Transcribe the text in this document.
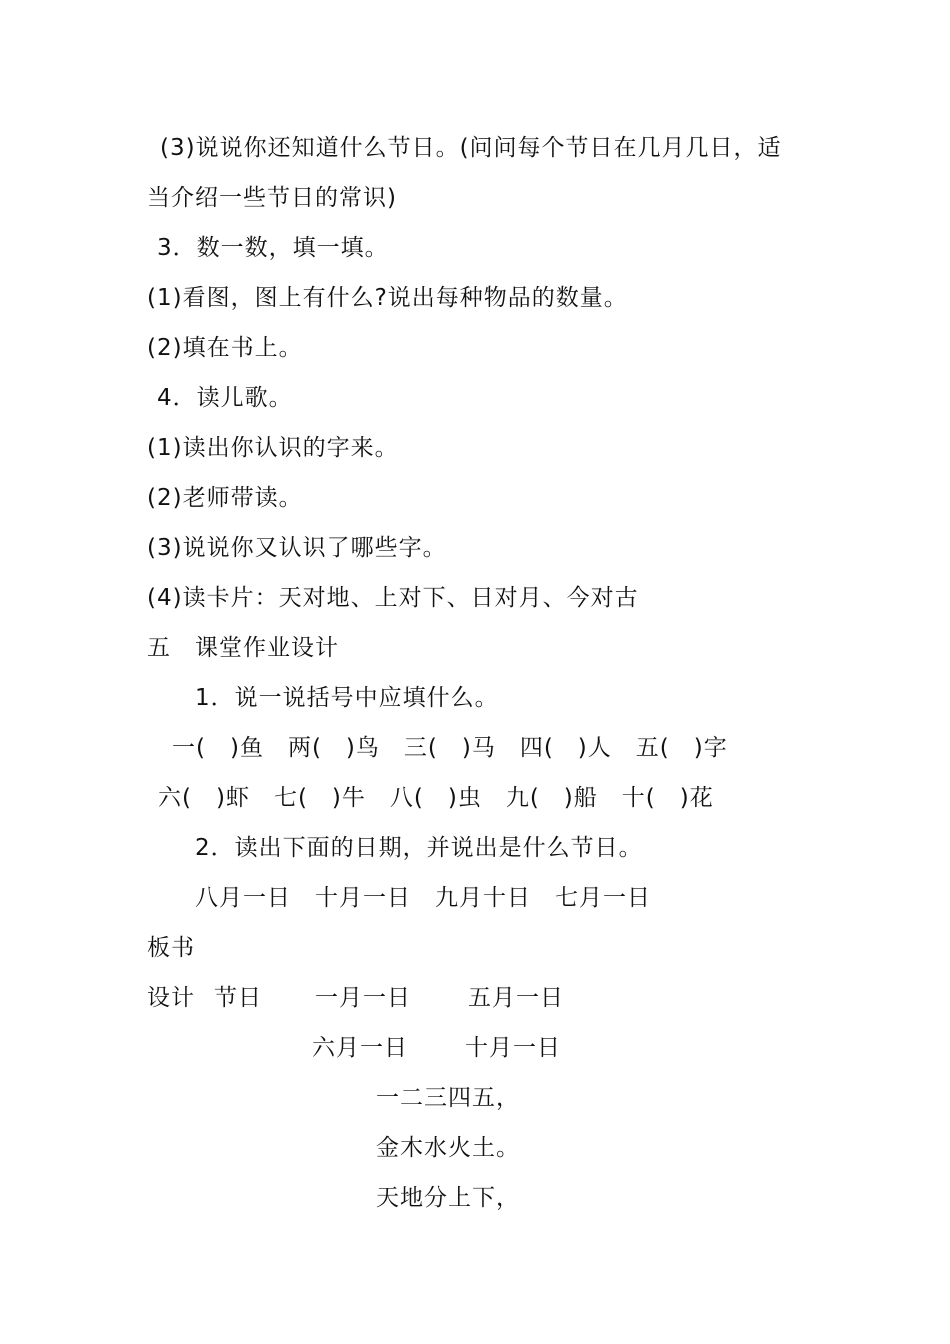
(3)说说你还知道什么节日。(问问每个节日在几月几日，适
当介绍一些节日的常识)
3．数一数，填一填。
(1)看图，图上有什么?说出每种物品的数量。
(2)填在书上。
4．读儿歌。
(1)读出你认识的字来。
(2)老师带读。
(3)说说你又认识了哪些字。
(4)读卡片：天对地、上对下、日对月、今对古
五　课堂作业设计
1．说一说括号中应填什么。
一(　)鱼　两(　)鸟　三(　)马　四(　)人　五(　)字
六(　)虾　七(　)牛　八(　)虫　九(　)船　十(　)花
2．读出下面的日期，并说出是什么节日。
八月一日　十月一日　九月十日　七月一日
板书
设计 节日 一月一日 五月一日
六月一日 十月一日
一二三四五，
金木水火土。
天地分上下，
